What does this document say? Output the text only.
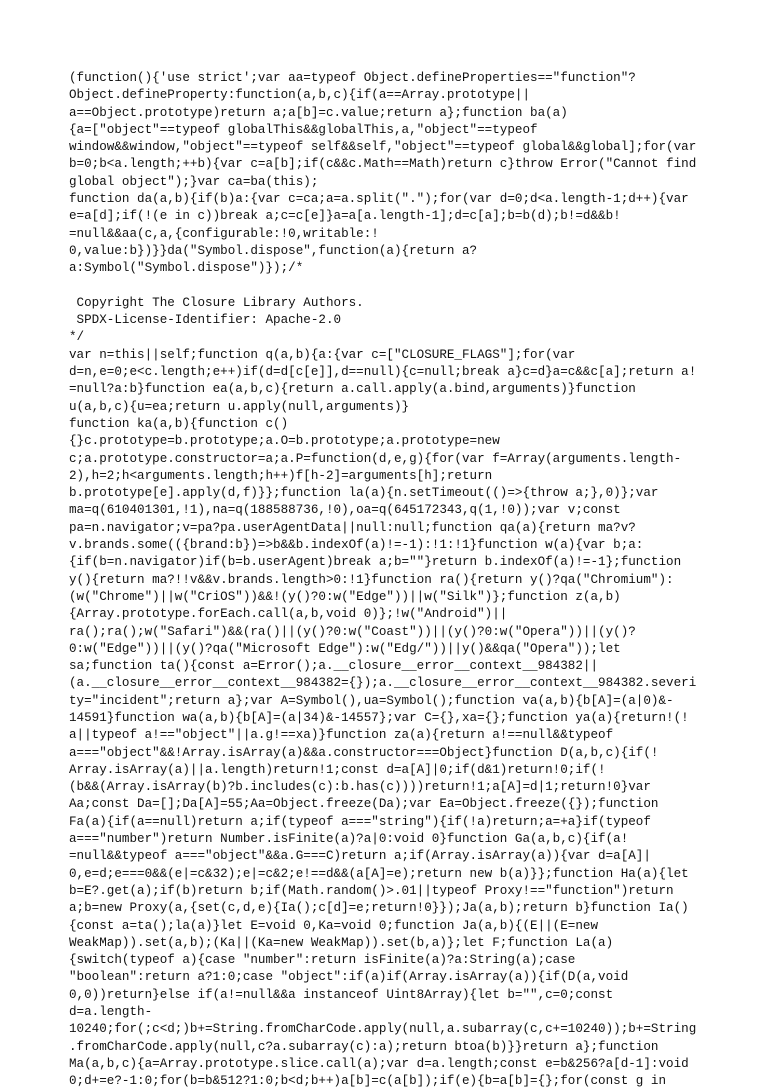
(function(){'use strict';var aa=typeof Object.defineProperties=="function"?
Object.defineProperty:function(a,b,c){if(a==Array.prototype||
a==Object.prototype)return a;a[b]=c.value;return a};function ba(a)
{a=["object"==typeof globalThis&&globalThis,a,"object"==typeof
window&&window,"object"==typeof self&&self,"object"==typeof global&&global];for(var
b=0;b<a.length;++b){var c=a[b];if(c&&c.Math==Math)return c}throw Error("Cannot find
global object");}var ca=ba(this);
function da(a,b){if(b)a:{var c=ca;a=a.split(".");for(var d=0;d<a.length-1;d++){var
e=a[d];if(!(e in c))break a;c=c[e]}a=a[a.length-1];d=c[a];b=b(d);b!=d&&b!
=null&&aa(c,a,{configurable:!0,writable:!
0,value:b})}}da("Symbol.dispose",function(a){return a?
a:Symbol("Symbol.dispose")});/*
Copyright The Closure Library Authors.
SPDX-License-Identifier: Apache-2.0
*/
var n=this||self;function q(a,b){a:{var c=["CLOSURE_FLAGS"];for(var
d=n,e=0;e<c.length;e++)if(d=d[c[e]],d==null){c=null;break a}c=d}a=c&&c[a];return a!
=null?a:b}function ea(a,b,c){return a.call.apply(a.bind,arguments)}function
u(a,b,c){u=ea;return u.apply(null,arguments)}
function ka(a,b){function c()
{}c.prototype=b.prototype;a.O=b.prototype;a.prototype=new
c;a.prototype.constructor=a;a.P=function(d,e,g){for(var f=Array(arguments.length-
2),h=2;h<arguments.length;h++)f[h-2]=arguments[h];return
b.prototype[e].apply(d,f)}};function la(a){n.setTimeout(()=>{throw a;},0)};var
ma=q(610401301,!1),na=q(188588736,!0),oa=q(645172343,q(1,!0));var v;const
pa=n.navigator;v=pa?pa.userAgentData||null:null;function qa(a){return ma?v?
v.brands.some(({brand:b})=>b&&b.indexOf(a)!=-1):!1:!1}function w(a){var b;a:
{if(b=n.navigator)if(b=b.userAgent)break a;b=""}return b.indexOf(a)!=-1};function
y(){return ma?!!v&&v.brands.length>0:!1}function ra(){return y()?qa("Chromium"):
(w("Chrome")||w("CriOS"))&&!(y()?0:w("Edge"))||w("Silk")};function z(a,b)
{Array.prototype.forEach.call(a,b,void 0)};!w("Android")||
ra();ra();w("Safari")&&(ra()||(y()?0:w("Coast"))||(y()?0:w("Opera"))||(y()?
0:w("Edge"))||(y()?qa("Microsoft Edge"):w("Edg/"))||y()&&qa("Opera"));let
sa;function ta(){const a=Error();a.__closure__error__context__984382||
(a.__closure__error__context__984382={});a.__closure__error__context__984382.severi
ty="incident";return a};var A=Symbol(),ua=Symbol();function va(a,b){b[A]=(a|0)&-
14591}function wa(a,b){b[A]=(a|34)&-14557};var C={},xa={};function ya(a){return!(!
a||typeof a!=="object"||a.g!==xa)}function za(a){return a!==null&&typeof
a==="object"&&!Array.isArray(a)&&a.constructor===Object}function D(a,b,c){if(!
Array.isArray(a)||a.length)return!1;const d=a[A]|0;if(d&1)return!0;if(!
(b&&(Array.isArray(b)?b.includes(c):b.has(c))))return!1;a[A]=d|1;return!0}var
Aa;const Da=[];Da[A]=55;Aa=Object.freeze(Da);var Ea=Object.freeze({});function
Fa(a){if(a==null)return a;if(typeof a==="string"){if(!a)return;a=+a}if(typeof
a==="number")return Number.isFinite(a)?a|0:void 0}function Ga(a,b,c){if(a!
=null&&typeof a==="object"&&a.G===C)return a;if(Array.isArray(a)){var d=a[A]|
0,e=d;e===0&&(e|=c&32);e|=c&2;e!==d&&(a[A]=e);return new b(a)}};function Ha(a){let
b=E?.get(a);if(b)return b;if(Math.random()>.01||typeof Proxy!=="function")return
a;b=new Proxy(a,{set(c,d,e){Ia();c[d]=e;return!0}});Ja(a,b);return b}function Ia()
{const a=ta();la(a)}let E=void 0,Ka=void 0;function Ja(a,b){(E||(E=new
WeakMap)).set(a,b);(Ka||(Ka=new WeakMap)).set(b,a)};let F;function La(a)
{switch(typeof a){case "number":return isFinite(a)?a:String(a);case
"boolean":return a?1:0;case "object":if(a)if(Array.isArray(a)){if(D(a,void
0,0))return}else if(a!=null&&a instanceof Uint8Array){let b="",c=0;const
d=a.length-
10240;for(;c<d;)b+=String.fromCharCode.apply(null,a.subarray(c,c+=10240));b+=String
.fromCharCode.apply(null,c?a.subarray(c):a);return btoa(b)}}return a};function
Ma(a,b,c){a=Array.prototype.slice.call(a);var d=a.length;const e=b&256?a[d-1]:void
0;d+=e?-1:0;for(b=b&512?1:0;b<d;b++)a[b]=c(a[b]);if(e){b=a[b]={};for(const g in
